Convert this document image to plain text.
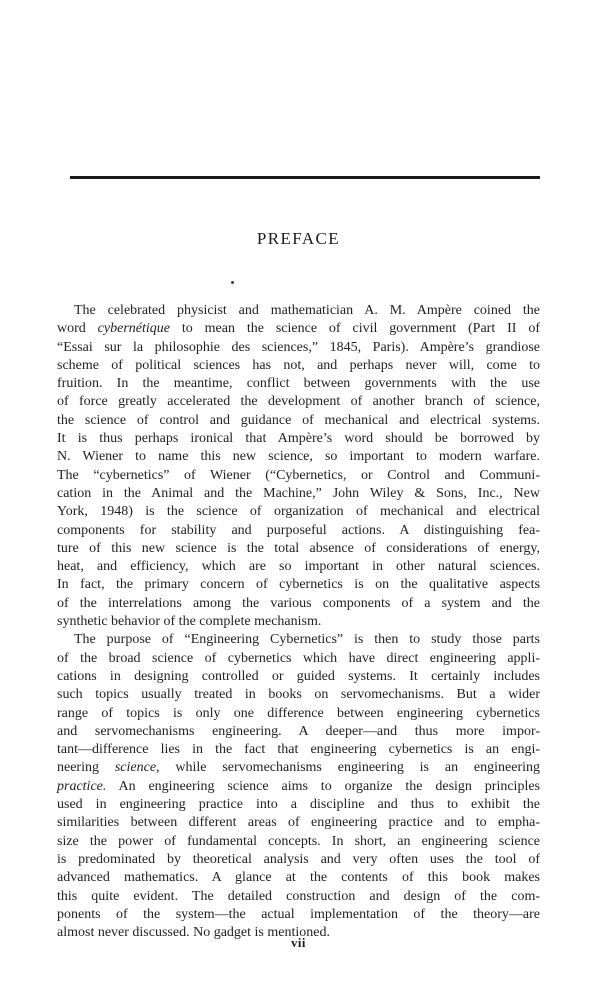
PREFACE
The celebrated physicist and mathematician A. M. Ampère coined the
word cybernétique to mean the science of civil government (Part II of
“Essai sur la philosophie des sciences,” 1845, Paris). Ampère’s grandiose
scheme of political sciences has not, and perhaps never will, come to
fruition. In the meantime, conflict between governments with the use
of force greatly accelerated the development of another branch of science,
the science of control and guidance of mechanical and electrical systems.
It is thus perhaps ironical that Ampère’s word should be borrowed by
N. Wiener to name this new science, so important to modern warfare.
The “cybernetics” of Wiener (“Cybernetics, or Control and Communi-
cation in the Animal and the Machine,” John Wiley & Sons, Inc., New
York, 1948) is the science of organization of mechanical and electrical
components for stability and purposeful actions. A distinguishing fea-
ture of this new science is the total absence of considerations of energy,
heat, and efficiency, which are so important in other natural sciences.
In fact, the primary concern of cybernetics is on the qualitative aspects
of the interrelations among the various components of a system and the
synthetic behavior of the complete mechanism.
The purpose of “Engineering Cybernetics” is then to study those parts
of the broad science of cybernetics which have direct engineering appli-
cations in designing controlled or guided systems. It certainly includes
such topics usually treated in books on servomechanisms. But a wider
range of topics is only one difference between engineering cybernetics
and servomechanisms engineering. A deeper—and thus more impor-
tant—difference lies in the fact that engineering cybernetics is an engi-
neering science, while servomechanisms engineering is an engineering
practice. An engineering science aims to organize the design principles
used in engineering practice into a discipline and thus to exhibit the
similarities between different areas of engineering practice and to empha-
size the power of fundamental concepts. In short, an engineering science
is predominated by theoretical analysis and very often uses the tool of
advanced mathematics. A glance at the contents of this book makes
this quite evident. The detailed construction and design of the com-
ponents of the system—the actual implementation of the theory—are
almost never discussed. No gadget is mentioned.
vii
